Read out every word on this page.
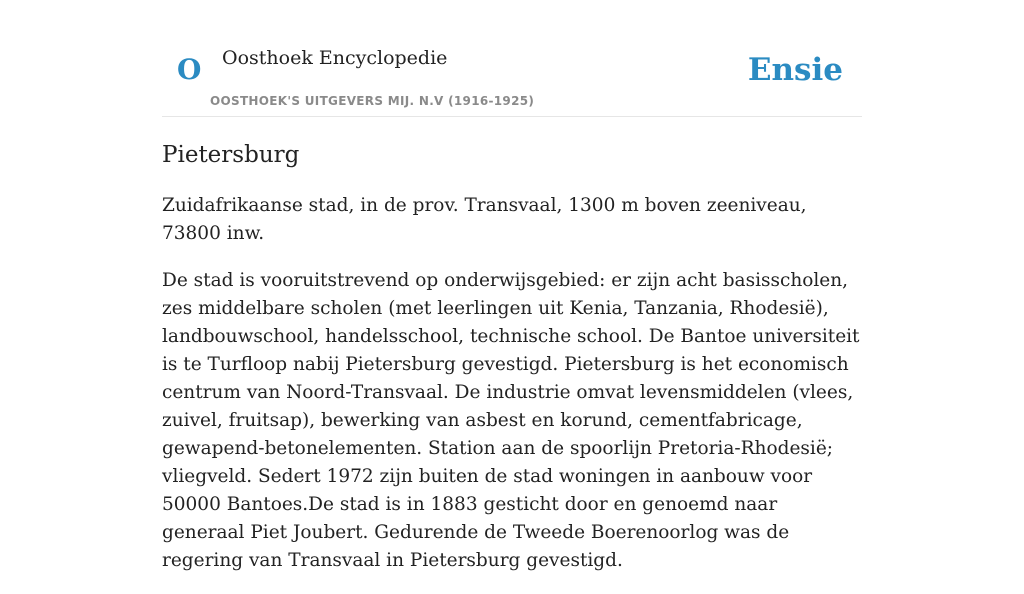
O Oosthoek Encyclopedie
OOSTHOEK'S UITGEVERS MIJ. N.V (1916-1925)
Ensie
Pietersburg

Zuidafrikaanse stad, in de prov. Transvaal, 1300 m boven zeeniveau, 73800 inw.

De stad is vooruitstrevend op onderwijsgebied: er zijn acht basisscholen, zes middelbare scholen (met leerlingen uit Kenia, Tanzania, Rhodesië), landbouwschool, handelsschool, technische school. De Bantoe universiteit is te Turfloop nabij Pietersburg gevestigd. Pietersburg is het economisch centrum van Noord-Transvaal. De industrie omvat levensmiddelen (vlees, zuivel, fruitsap), bewerking van asbest en korund, cementfabricage, gewapend-betonelementen. Station aan de spoorlijn Pretoria-Rhodesië; vliegveld. Sedert 1972 zijn buiten de stad woningen in aanbouw voor 50000 Bantoes.De stad is in 1883 gesticht door en genoemd naar generaal Piet Joubert. Gedurende de Tweede Boerenoorlog was de regering van Transvaal in Pietersburg gevestigd.
